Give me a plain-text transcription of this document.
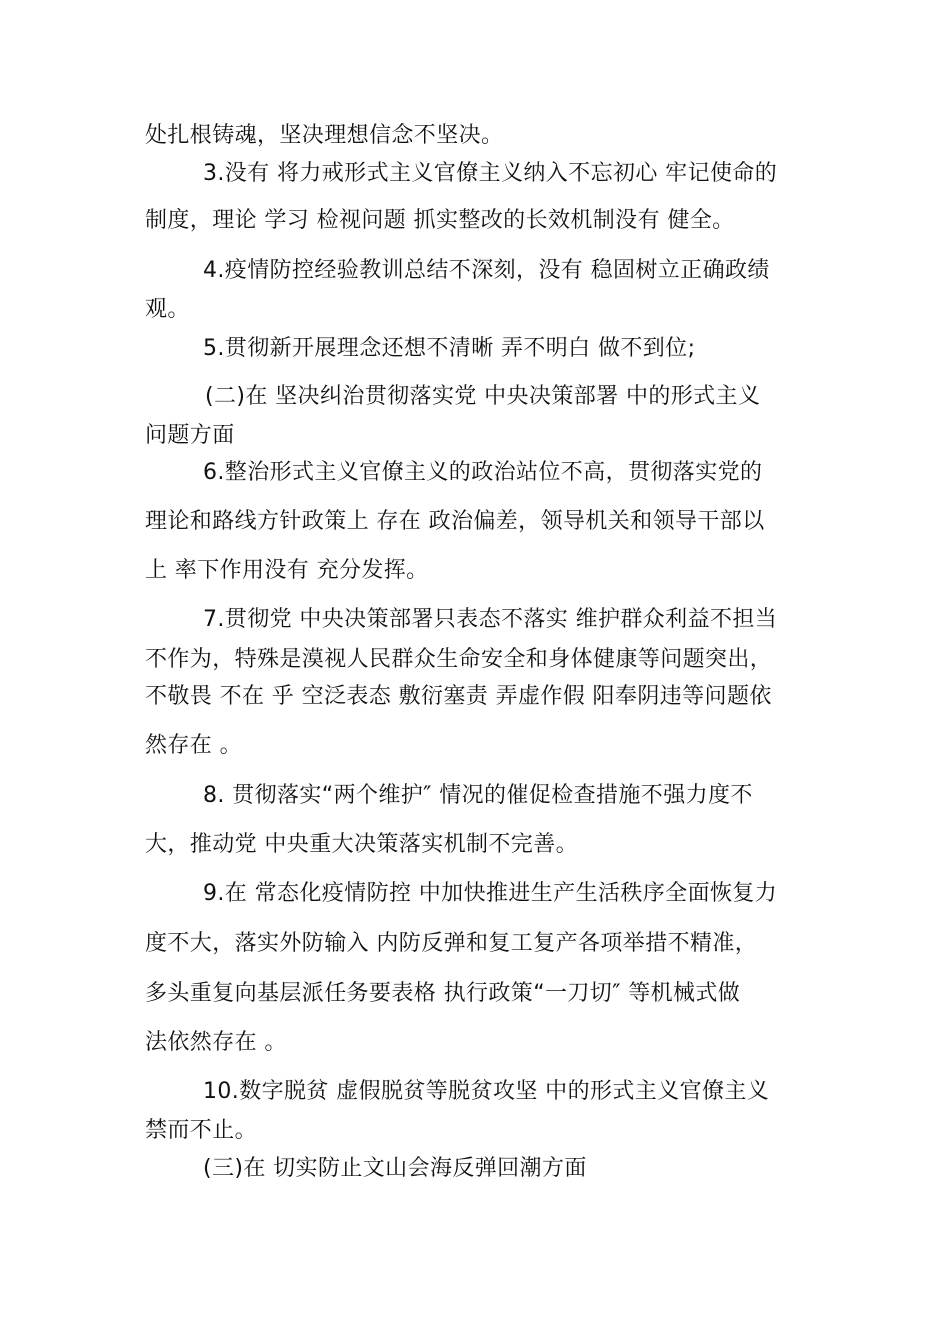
处扎根铸魂，坚决理想信念不坚决。
3.没有 将力戒形式主义官僚主义纳入不忘初心 牢记使命的
制度，理论 学习 检视问题 抓实整改的长效机制没有 健全。
4.疫情防控经验教训总结不深刻，没有 稳固树立正确政绩
观。
5.贯彻新开展理念还想不清晰 弄不明白 做不到位;
(二)在 坚决纠治贯彻落实党 中央决策部署 中的形式主义
问题方面
6.整治形式主义官僚主义的政治站位不高，贯彻落实党的
理论和路线方针政策上 存在 政治偏差，领导机关和领导干部以
上 率下作用没有 充分发挥。
7.贯彻党 中央决策部署只表态不落实 维护群众利益不担当
不作为，特殊是漠视人民群众生命安全和身体健康等问题突出，
不敬畏 不在 乎 空泛表态 敷衍塞责 弄虚作假 阳奉阴违等问题依
然存在 。
8. 贯彻落实“两个维护″ 情况的催促检查措施不强力度不
大，推动党 中央重大决策落实机制不完善。
9.在 常态化疫情防控 中加快推进生产生活秩序全面恢复力
度不大，落实外防输入 内防反弹和复工复产各项举措不精准，
多头重复向基层派任务要表格 执行政策“一刀切″ 等机械式做
法依然存在 。
10.数字脱贫 虚假脱贫等脱贫攻坚 中的形式主义官僚主义
禁而不止。
(三)在 切实防止文山会海反弹回潮方面
